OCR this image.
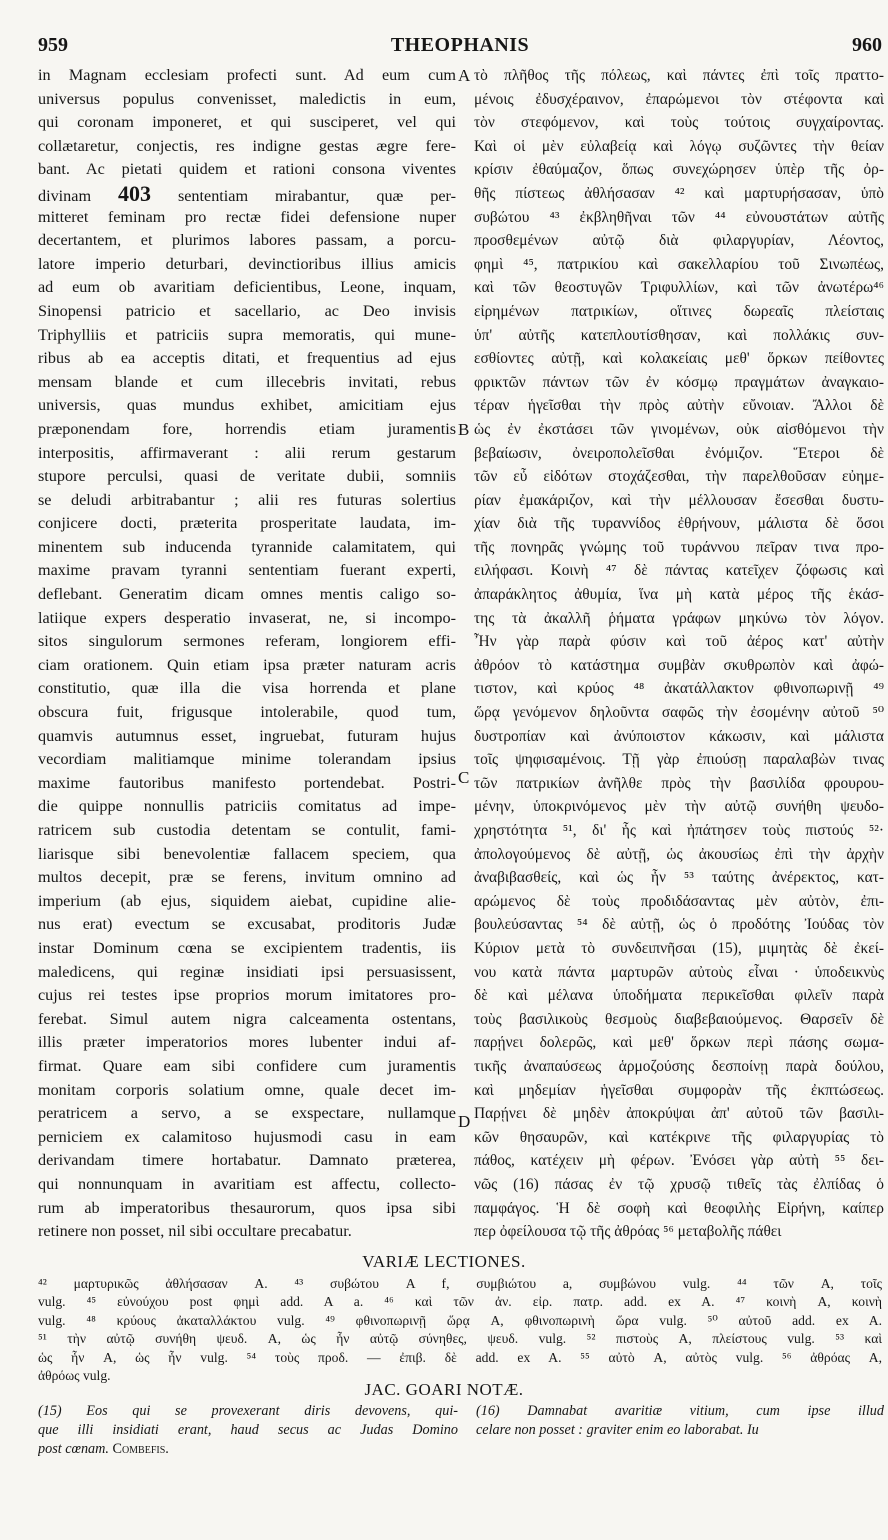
959	THEOPHANIS	960
in Magnam ecclesiam profecti sunt. Ad eum cum
universus populus convenisset, maledictis in eum,
qui coronam imponeret, et qui susciperet, vel qui
collætaretur, conjectis, res indigne gestas ægre fere-
bant. Ac pietati quidem et rationi consona viventes
divinam 403 sententiam mirabantur, quæ per-
mitteret feminam pro rectæ fidei defensione nuper
decertantem, et plurimos labores passam, a porcu-
latore imperio deturbari, devinctioribus illius amicis
ad eum ob avaritiam deficientibus, Leone, inquam,
Sinopensi patricio et sacellario, ac Deo invisis
Triphylliis et patriciis supra memoratis, qui mune-
ribus ab ea acceptis ditati, et frequentius ad ejus
mensam blande et cum illecebris invitati, rebus
universis, quas mundus exhibet, amicitiam ejus
præponendam fore, horrendis etiam juramentis
interpositis, affirmaverant : alii rerum gestarum
stupore perculsi, quasi de veritate dubii, somniis
se deludi arbitrabantur ; alii res futuras solertius
conjicere docti, præterita prosperitate laudata, im-
minentem sub inducenda tyrannide calamitatem, qui
maxime pravam tyranni sententiam fuerant experti,
deflebant. Generatim dicam omnes mentis caligo so-
latiique expers desperatio invaserat, ne, si incompo-
sitos singulorum sermones referam, longiorem effi-
ciam orationem. Quin etiam ipsa præter naturam acris
constitutio, quæ illa die visa horrenda et plane
obscura fuit, frigusque intolerabile, quod tum,
quamvis autumnus esset, ingruebat, futuram hujus
vecordiam malitiamque minime tolerandam ipsius
maxime fautoribus manifesto portendebat. Postri-
die quippe nonnullis patriciis comitatus ad impe-
ratricem sub custodia detentam se contulit, fami-
liarisque sibi benevolentiæ fallacem speciem, qua
multos decepit, præ se ferens, invitum omnino ad
imperium (ab ejus, siquidem aiebat, cupidine alie-
nus erat) evectum se excusabat, proditoris Judæ
instar Dominum cœna se excipientem tradentis, iis
maledicens, qui reginæ insidiati ipsi persuasissent,
cujus rei testes ipse proprios morum imitatores pro-
ferebat. Simul autem nigra calceamenta ostentans,
illis præter imperatorios mores lubenter indui af-
firmat. Quare eam sibi confidere cum juramentis
monitam corporis solatium omne, quale decet im-
peratricem a servo, a se exspectare, nullamque
perniciem ex calamitoso hujusmodi casu in eam
derivandam timere hortabatur. Damnato præterea,
qui nonnunquam in avaritiam est affectu, collecto-
rum ab imperatoribus thesaurorum, quos ipsa sibi
retinere non posset, nil sibi occultare precabatur.
A
B
C
D
τὸ πλῆθος τῆς πόλεως, καὶ πάντες ἐπὶ τοῖς πραττο-
μένοις ἐδυσχέραινον, ἐπαρώμενοι τὸν στέφοντα καὶ
τὸν στεφόμενον, καὶ τοὺς τούτοις συγχαίροντας.
Καὶ οἱ μὲν εὐλαβείᾳ καὶ λόγῳ συζῶντες τὴν θείαν
κρίσιν ἐθαύμαζον, ὅπως συνεχώρησεν ὑπὲρ τῆς ὀρ-
θῆς πίστεως ἀθλήσασαν ⁴² καὶ μαρτυρήσασαν, ὑπὸ
συβώτου ⁴³ ἐκβληθῆναι τῶν ⁴⁴ εὐνουστάτων αὐτῆς
προσθεμένων αὐτῷ διὰ φιλαργυρίαν, Λέοντος,
φημὶ ⁴⁵, πατρικίου καὶ σακελλαρίου τοῦ Σινωπέως,
καὶ τῶν θεοστυγῶν Τριφυλλίων, καὶ τῶν ἀνωτέρω⁴⁶
εἰρημένων πατρικίων, οἵτινες δωρεαῖς πλείσταις
ὑπ' αὐτῆς κατεπλουτίσθησαν, καὶ πολλάκις συν-
εσθίοντες αὐτῇ, καὶ κολακείαις μεθ' ὅρκων πείθοντες
φρικτῶν πάντων τῶν ἐν κόσμῳ πραγμάτων ἀναγκαιο-
τέραν ἡγεῖσθαι τὴν πρὸς αὐτὴν εὔνοιαν. Ἄλλοι δὲ
ὡς ἐν ἐκστάσει τῶν γινομένων, οὐκ αἰσθόμενοι τὴν
βεβαίωσιν, ὀνειροπολεῖσθαι ἐνόμιζον. Ἕτεροι δὲ
τῶν εὖ εἰδότων στοχάζεσθαι, τὴν παρελθοῦσαν εὐημε-
ρίαν ἐμακάριζον, καὶ τὴν μέλλουσαν ἔσεσθαι δυστυ-
χίαν διὰ τῆς τυραννίδος ἐθρήνουν, μάλιστα δὲ ὅσοι
τῆς πονηρᾶς γνώμης τοῦ τυράννου πεῖραν τινα προ-
ειλήφασι. Κοινὴ ⁴⁷ δὲ πάντας κατεῖχεν ζόφωσις καὶ
ἀπαράκλητος ἀθυμία, ἵνα μὴ κατὰ μέρος τῆς ἑκάσ-
της τὰ ἀκαλλῆ ῥήματα γράφων μηκύνω τὸν λόγον.
Ἦν γὰρ παρὰ φύσιν καὶ τοῦ ἀέρος κατ' αὐτὴν
ἀθρόον τὸ κατάστημα συμβὰν σκυθρωπὸν καὶ ἀφώ-
τιστον, καὶ κρύος ⁴⁸ ἀκατάλλακτον φθινοπωρινῇ ⁴⁹
ὥρᾳ γενόμενον δηλοῦντα σαφῶς τὴν ἐσομένην αὐτοῦ ⁵⁰
δυστροπίαν καὶ ἀνύποιστον κάκωσιν, καὶ μάλιστα
τοῖς ψηφισαμένοις. Τῇ γὰρ ἐπιούσῃ παραλαβὼν τινας
τῶν πατρικίων ἀνῆλθε πρὸς τὴν βασιλίδα φρουρου-
μένην, ὑποκρινόμενος μὲν τὴν αὐτῷ συνήθη ψευδο-
χρηστότητα ⁵¹, δι' ἧς καὶ ἠπάτησεν τοὺς πιστούς ⁵²·
ἀπολογούμενος δὲ αὐτῇ, ὡς ἀκουσίως ἐπὶ τὴν ἀρχὴν
ἀναβιβασθείς, καὶ ὡς ἦν ⁵³ ταύτης ἀνέρεκτος, κατ-
αρώμενος δὲ τοὺς προδιδάσαντας μὲν αὐτὸν, ἐπι-
βουλεύσαντας ⁵⁴ δὲ αὐτῇ, ὡς ὁ προδότης Ἰούδας τὸν
Κύριον μετὰ τὸ συνδειπνῆσαι (15), μιμητὰς δὲ ἐκεί-
νου κατὰ πάντα μαρτυρῶν αὐτοὺς εἶναι · ὑποδεικνὺς
δὲ καὶ μέλανα ὑποδήματα περικεῖσθαι φιλεῖν παρὰ
τοὺς βασιλικοὺς θεσμοὺς διαβεβαιούμενος. Θαρσεῖν δὲ
παρῄνει δολερῶς, καὶ μεθ' ὅρκων περὶ πάσης σωμα-
τικῆς ἀναπαύσεως ἁρμοζούσης δεσποίνῃ παρὰ δούλου,
καὶ μηδεμίαν ἡγεῖσθαι συμφορὰν τῆς ἐκπτώσεως.
Παρῄνει δὲ μηδὲν ἀποκρύψαι ἀπ' αὐτοῦ τῶν βασιλι-
κῶν θησαυρῶν, καὶ κατέκρινε τῆς φιλαργυρίας τὸ
πάθος, κατέχειν μὴ φέρων. Ἐνόσει γὰρ αὐτὴ ⁵⁵ δει-
νῶς (16) πάσας ἐν τῷ χρυσῷ τιθεῖς τὰς ἐλπίδας ὁ
παμφάγος. Ἡ δὲ σοφὴ καὶ θεοφιλὴς Εἰρήνη, καίπερ
περ ὀφείλουσα τῷ τῆς ἀθρόας ⁵⁶ μεταβολῆς πάθει
VARIÆ LECTIONES.
⁴² μαρτυρικῶς ἀθλήσασαν A. ⁴³ συβώτου A f, συμβιώτου a, συμβώνου vulg. ⁴⁴ τῶν A, τοῖς
vulg. ⁴⁵ εὐνούχου post φημὶ add. A a. ⁴⁶ καὶ τῶν ἀν. εἰρ. πατρ. add. ex A. ⁴⁷ κοινὴ A, κοινὴ
vulg. ⁴⁸ κρύους ἀκαταλλάκτου vulg. ⁴⁹ φθινοπωρινῇ ὥρᾳ A, φθινοπωρινὴ ὥρα vulg. ⁵⁰ αὐτοῦ add. ex A.
⁵¹ τὴν αὐτῷ συνήθη ψευδ. A, ὡς ἦν αὐτῷ σύνηθες, ψευδ. vulg. ⁵² πιστοὺς A, πλείστους vulg. ⁵³ καὶ
ὡς ἦν A, ὡς ἦν vulg. ⁵⁴ τοὺς προδ. — ἐπιβ. δὲ add. ex A. ⁵⁵ αὐτὸ A, αὐτὸς vulg. ⁵⁶ ἀθρόας A,
ἀθρόως vulg.
JAC. GOARI NOTÆ.
(15) Eos qui se provexerant diris devovens, qui-
que illi insidiati erant, haud secus ac Judas Domino
post cœnam. Combefis.
(16) Damnabat avaritiæ vitium, cum ipse illud
celare non posset : graviter enim eo laborabat. Iu
